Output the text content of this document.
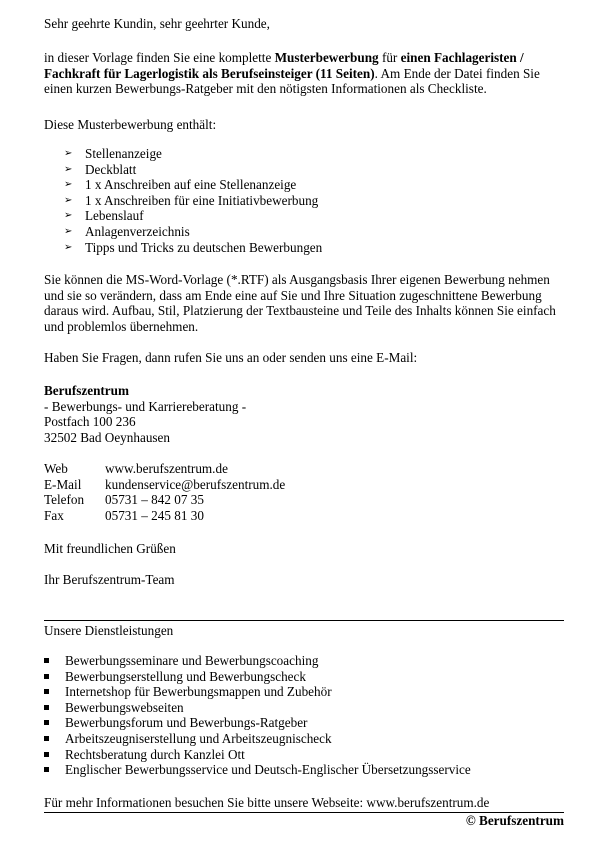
Sehr geehrte Kundin, sehr geehrter Kunde,

in dieser Vorlage finden Sie eine komplette Musterbewerbung für einen Fachlageristen / Fachkraft für Lagerlogistik als Berufseinsteiger (11 Seiten). Am Ende der Datei finden Sie einen kurzen Bewerbungs-Ratgeber mit den nötigsten Informationen als Checkliste.

Diese Musterbewerbung enthält:

➢ Stellenanzeige
➢ Deckblatt
➢ 1 x Anschreiben auf eine Stellenanzeige
➢ 1 x Anschreiben für eine Initiativbewerbung
➢ Lebenslauf
➢ Anlagenverzeichnis
➢ Tipps und Tricks zu deutschen Bewerbungen

Sie können die MS-Word-Vorlage (*.RTF) als Ausgangsbasis Ihrer eigenen Bewerbung nehmen und sie so verändern, dass am Ende eine auf Sie und Ihre Situation zugeschnittene Bewerbung daraus wird. Aufbau, Stil, Platzierung der Textbausteine und Teile des Inhalts können Sie einfach und problemlos übernehmen.

Haben Sie Fragen, dann rufen Sie uns an oder senden uns eine E-Mail:

Berufszentrum
- Bewerbungs- und Karriereberatung -
Postfach 100 236
32502 Bad Oeynhausen
Web	www.berufszentrum.de
E-Mail kundenservice@berufszentrum.de
Telefon 05731 – 842 07 35
Fax	05731 – 245 81 30

Mit freundlichen Grüßen

Ihr Berufszentrum-Team

Unsere Dienstleistungen

Bewerbungsseminare und Bewerbungscoaching
Bewerbungserstellung und Bewerbungscheck
Internetshop für Bewerbungsmappen und Zubehör
Bewerbungswebseiten
Bewerbungsforum und Bewerbungs-Ratgeber
Arbeitszeugniserstellung und Arbeitszeugnischeck
Rechtsberatung durch Kanzlei Ott
Englischer Bewerbungsservice und Deutsch-Englischer Übersetzungsservice

Für mehr Informationen besuchen Sie bitte unsere Webseite: www.berufszentrum.de

© Berufszentrum
